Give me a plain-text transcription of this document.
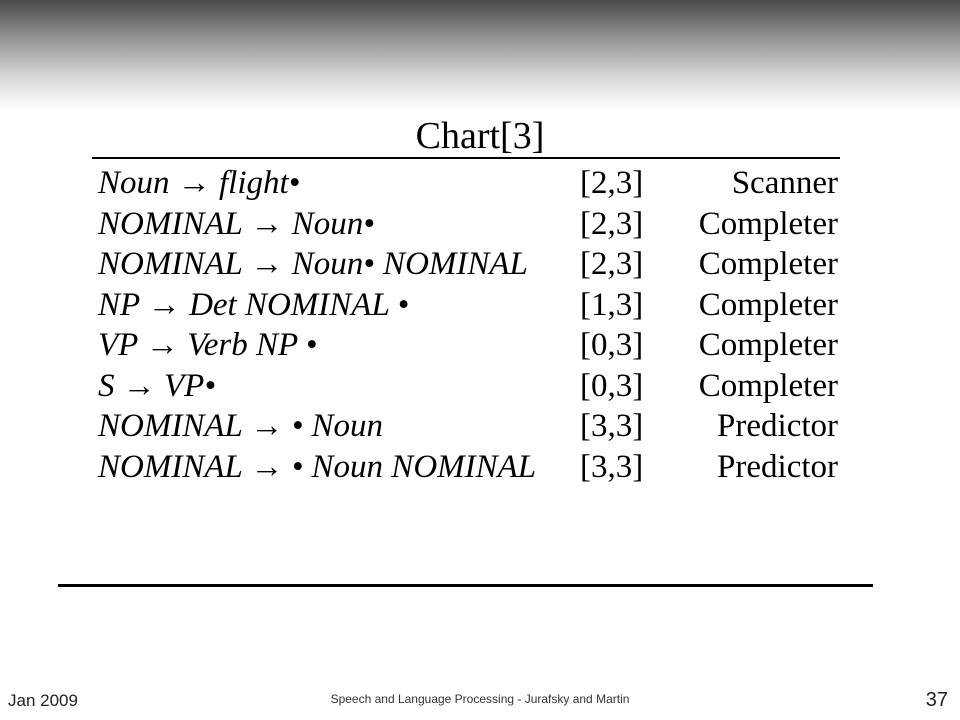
Chart[3]
Noun → flight•	[2,3]	Scanner
NOMINAL → Noun•	[2,3]	Completer
NOMINAL → Noun• NOMINAL	[2,3]	Completer
NP → Det NOMINAL •	[1,3]	Completer
VP → Verb NP •	[0,3]	Completer
S → VP•	[0,3]	Completer
NOMINAL → • Noun	[3,3]	Predictor
NOMINAL → • Noun NOMINAL	[3,3]	Predictor
Jan 2009	Speech and Language Processing - Jurafsky and Martin	37
